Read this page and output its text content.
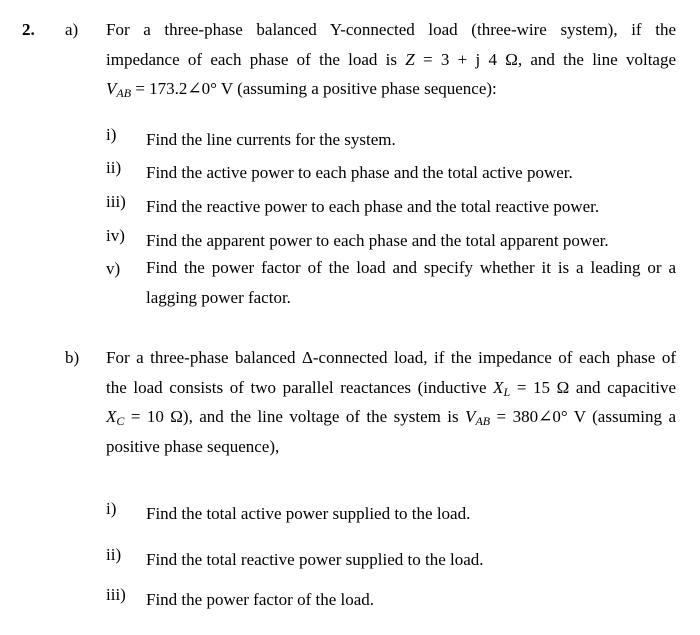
2. a) For a three-phase balanced Y-connected load (three-wire system), if the
impedance of each phase of the load is Z = 3 + j 4 Ω, and the line voltage
$V_{AB}$ = 173.2∠0° V (assuming a positive phase sequence):
i) Find the line currents for the system.
ii) Find the active power to each phase and the total active power.
iii) Find the reactive power to each phase and the total reactive power.
iv) Find the apparent power to each phase and the total apparent power.
v) Find the power factor of the load and specify whether it is a leading or a
lagging power factor.
b) For a three-phase balanced Δ-connected load, if the impedance of each phase of
the load consists of two parallel reactances (inductive $X_L = 15$ Ω and capacitive
$X_C = 10$ Ω), and the line voltage of the system is $V_{AB}$ = 380∠0° V (assuming a
positive phase sequence),
i) Find the total active power supplied to the load.
ii) Find the total reactive power supplied to the load.
iii) Find the power factor of the load.
